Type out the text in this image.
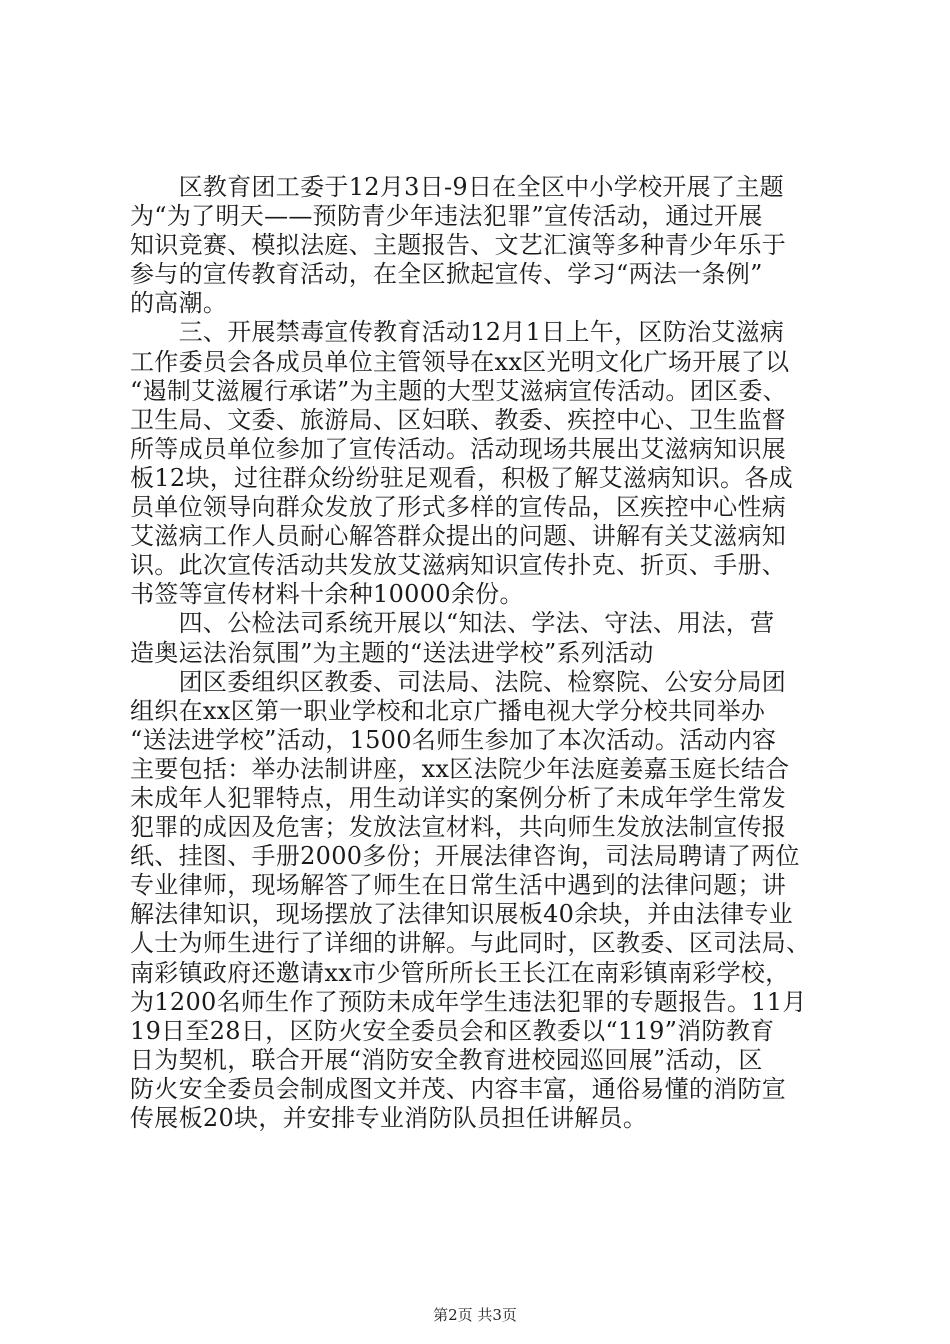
　　区教育团工委于12月3日-9日在全区中小学校开展了主题
为“为了明天——预防青少年违法犯罪”宣传活动，通过开展
知识竞赛、模拟法庭、主题报告、文艺汇演等多种青少年乐于
参与的宣传教育活动，在全区掀起宣传、学习“两法一条例”
的高潮。
　　三、开展禁毒宣传教育活动12月1日上午，区防治艾滋病
工作委员会各成员单位主管领导在xx区光明文化广场开展了以
“遏制艾滋履行承诺”为主题的大型艾滋病宣传活动。团区委、
卫生局、文委、旅游局、区妇联、教委、疾控中心、卫生监督
所等成员单位参加了宣传活动。活动现场共展出艾滋病知识展
板12块，过往群众纷纷驻足观看，积极了解艾滋病知识。各成
员单位领导向群众发放了形式多样的宣传品，区疾控中心性病
艾滋病工作人员耐心解答群众提出的问题、讲解有关艾滋病知
识。此次宣传活动共发放艾滋病知识宣传扑克、折页、手册、
书签等宣传材料十余种10000余份。
　　四、公检法司系统开展以“知法、学法、守法、用法，营
造奥运法治氛围”为主题的“送法进学校”系列活动
　　团区委组织区教委、司法局、法院、检察院、公安分局团
组织在xx区第一职业学校和北京广播电视大学分校共同举办
“送法进学校”活动，1500名师生参加了本次活动。活动内容
主要包括：举办法制讲座，xx区法院少年法庭姜嘉玉庭长结合
未成年人犯罪特点，用生动详实的案例分析了未成年学生常发
犯罪的成因及危害；发放法宣材料，共向师生发放法制宣传报
纸、挂图、手册2000多份；开展法律咨询，司法局聘请了两位
专业律师，现场解答了师生在日常生活中遇到的法律问题；讲
解法律知识，现场摆放了法律知识展板40余块，并由法律专业
人士为师生进行了详细的讲解。与此同时，区教委、区司法局、
南彩镇政府还邀请xx市少管所所长王长江在南彩镇南彩学校，
为1200名师生作了预防未成年学生违法犯罪的专题报告。11月
19日至28日，区防火安全委员会和区教委以“119”消防教育
日为契机，联合开展“消防安全教育进校园巡回展”活动，区
防火安全委员会制成图文并茂、内容丰富，通俗易懂的消防宣
传展板20块，并安排专业消防队员担任讲解员。
第2页 共3页
